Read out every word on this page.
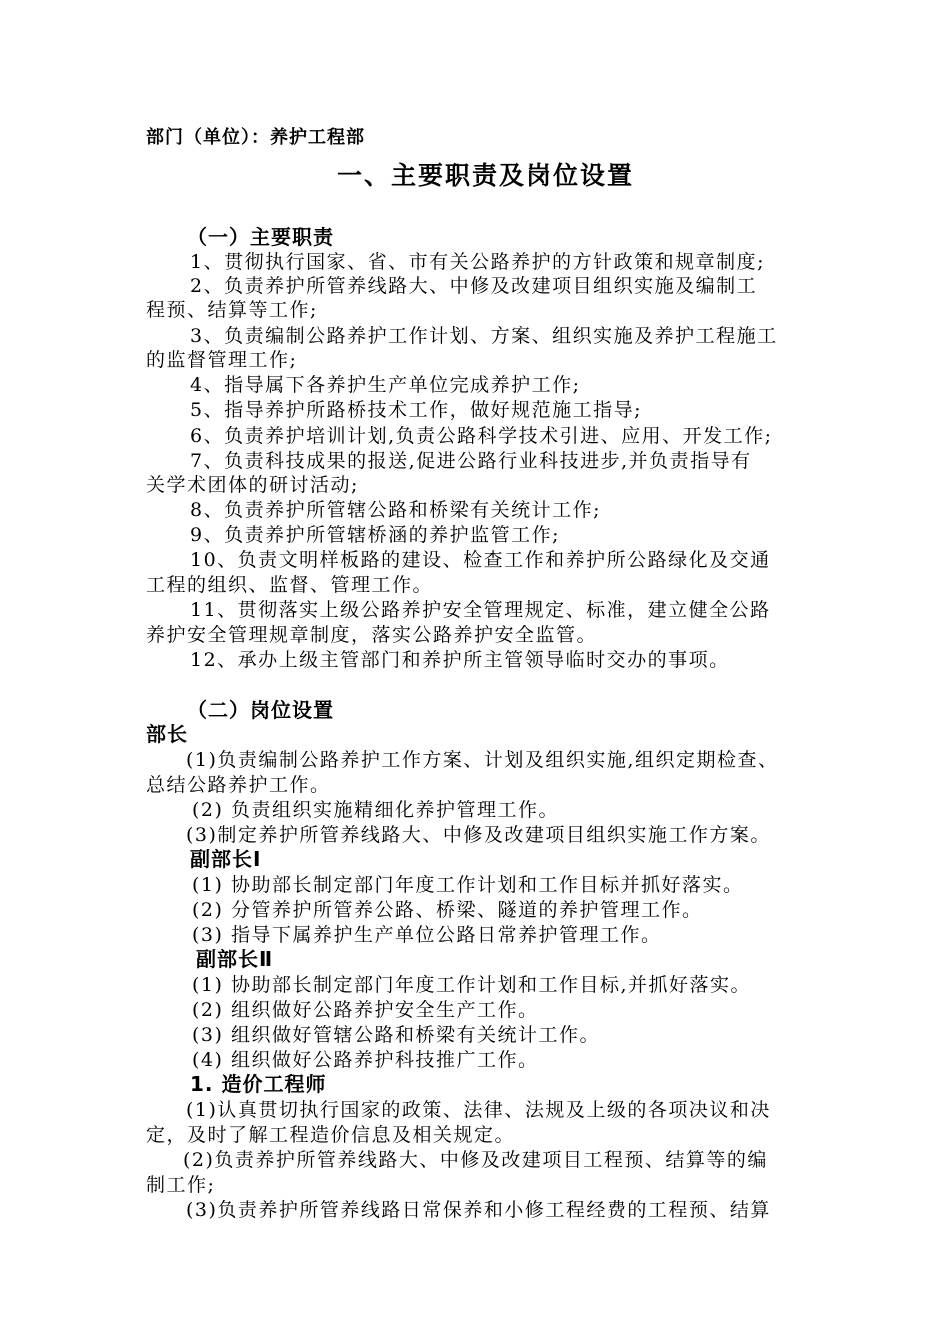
部门（单位）：养护工程部
一、主要职责及岗位设置
（一）主要职责
1、贯彻执行国家、省、市有关公路养护的方针政策和规章制度;
2、负责养护所管养线路大、中修及改建项目组织实施及编制工
程预、结算等工作;
3、负责编制公路养护工作计划、方案、组织实施及养护工程施工
的监督管理工作;
4、指导属下各养护生产单位完成养护工作;
5、指导养护所路桥技术工作，做好规范施工指导;
6、负责养护培训计划,负责公路科学技术引进、应用、开发工作;
7、负责科技成果的报送,促进公路行业科技进步,并负责指导有
关学术团体的研讨活动;
8、负责养护所管辖公路和桥梁有关统计工作;
9、负责养护所管辖桥涵的养护监管工作;
10、负责文明样板路的建设、检查工作和养护所公路绿化及交通
工程的组织、监督、管理工作。
11、贯彻落实上级公路养护安全管理规定、标准，建立健全公路
养护安全管理规章制度，落实公路养护安全监管。
12、承办上级主管部门和养护所主管领导临时交办的事项。
（二）岗位设置
部长
(1)负责编制公路养护工作方案、计划及组织实施,组织定期检查、
总结公路养护工作。
(2) 负责组织实施精细化养护管理工作。
(3)制定养护所管养线路大、中修及改建项目组织实施工作方案。
副部长Ⅰ
(1) 协助部长制定部门年度工作计划和工作目标并抓好落实。
(2) 分管养护所管养公路、桥梁、隧道的养护管理工作。
(3) 指导下属养护生产单位公路日常养护管理工作。
副部长Ⅱ
(1) 协助部长制定部门年度工作计划和工作目标,并抓好落实。
(2) 组织做好公路养护安全生产工作。
(3) 组织做好管辖公路和桥梁有关统计工作。
(4) 组织做好公路养护科技推广工作。
1. 造价工程师
(1)认真贯切执行国家的政策、法律、法规及上级的各项决议和决
定，及时了解工程造价信息及相关规定。
(2)负责养护所管养线路大、中修及改建项目工程预、结算等的编
制工作;
(3)负责养护所管养线路日常保养和小修工程经费的工程预、结算
